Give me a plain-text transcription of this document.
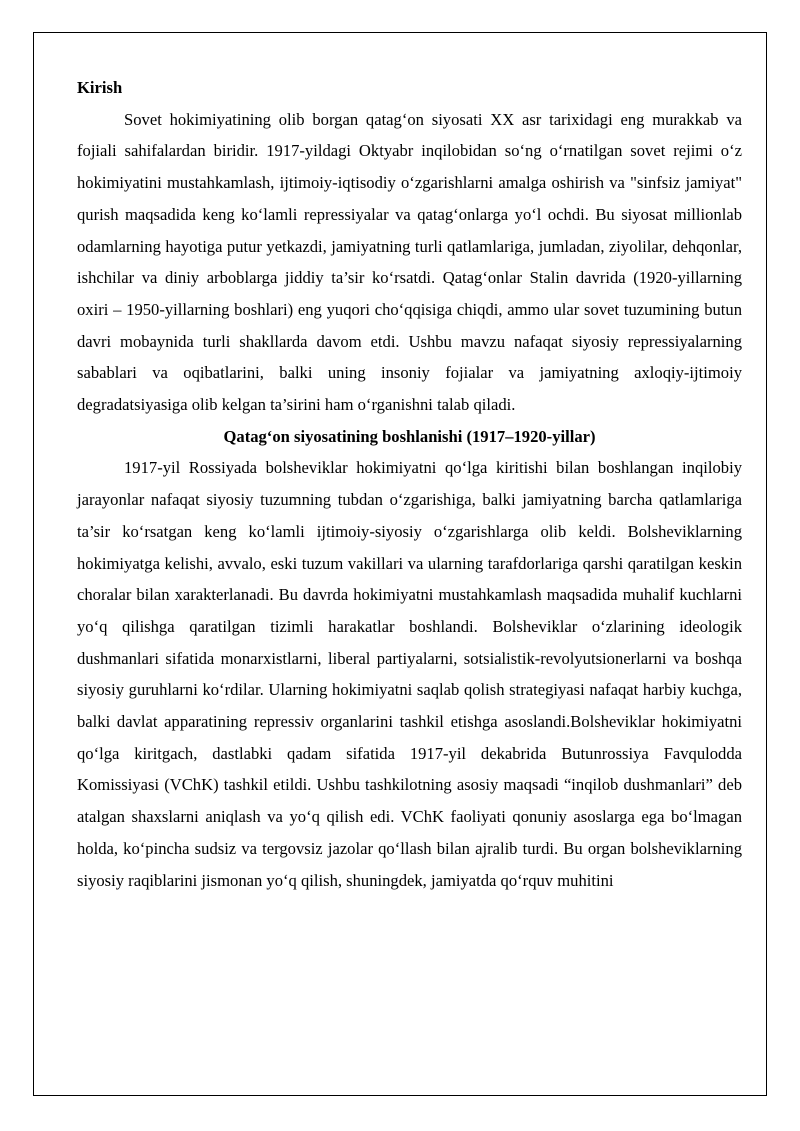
Kirish

Sovet hokimiyatining olib borgan qatag‘on siyosati XX asr tarixidagi eng murakkab va fojiali sahifalardan biridir. 1917-yildagi Oktyabr inqilobidan so‘ng o‘rnatilgan sovet rejimi o‘z hokimiyatini mustahkamlash, ijtimoiy-iqtisodiy o‘zgarishlarni amalga oshirish va "sinfsiz jamiyat" qurish maqsadida keng ko‘lamli repressiyalar va qatag‘onlarga yo‘l ochdi. Bu siyosat millionlab odamlarning hayotiga putur yetkazdi, jamiyatning turli qatlamlariga, jumladan, ziyolilar, dehqonlar, ishchilar va diniy arboblarga jiddiy ta’sir ko‘rsatdi. Qatag‘onlar Stalin davrida (1920-yillarning oxiri – 1950-yillarning boshlari) eng yuqori cho‘qqisiga chiqdi, ammo ular sovet tuzumining butun davri mobaynida turli shakllarda davom etdi. Ushbu mavzu nafaqat siyosiy repressiyalarning sabablari va oqibatlarini, balki uning insoniy fojialar va jamiyatning axloqiy-ijtimoiy degradatsiyasiga olib kelgan ta’sirini ham o‘rganishni talab qiladi.

Qatag‘on siyosatining boshlanishi (1917–1920-yillar)

1917-yil Rossiyada bolsheviklar hokimiyatni qo‘lga kiritishi bilan boshlangan inqilobiy jarayonlar nafaqat siyosiy tuzumning tubdan o‘zgarishiga, balki jamiyatning barcha qatlamlariga ta’sir ko‘rsatgan keng ko‘lamli ijtimoiy-siyosiy o‘zgarishlarga olib keldi. Bolsheviklarning hokimiyatga kelishi, avvalo, eski tuzum vakillari va ularning tarafdorlariga qarshi qaratilgan keskin choralar bilan xarakterlanadi. Bu davrda hokimiyatni mustahkamlash maqsadida muhalif kuchlarni yo‘q qilishga qaratilgan tizimli harakatlar boshlandi. Bolsheviklar o‘zlarining ideologik dushmanlari sifatida monarxistlarni, liberal partiyalarni, sotsialistik-revolyutsionerlarni va boshqa siyosiy guruhlarni ko‘rdilar. Ularning hokimiyatni saqlab qolish strategiyasi nafaqat harbiy kuchga, balki davlat apparatining repressiv organlarini tashkil etishga asoslandi.Bolsheviklar hokimiyatni qo‘lga kiritgach, dastlabki qadam sifatida 1917-yil dekabrida Butunrossiya Favqulodda Komissiyasi (VChK) tashkil etildi. Ushbu tashkilotning asosiy maqsadi “inqilob dushmanlari” deb atalgan shaxslarni aniqlash va yo‘q qilish edi. VChK faoliyati qonuniy asoslarga ega bo‘lmagan holda, ko‘pincha sudsiz va tergovsiz jazolar qo‘llash bilan ajralib turdi. Bu organ bolsheviklarning siyosiy raqiblarini jismonan yo‘q qilish, shuningdek, jamiyatda qo‘rquv muhitini
